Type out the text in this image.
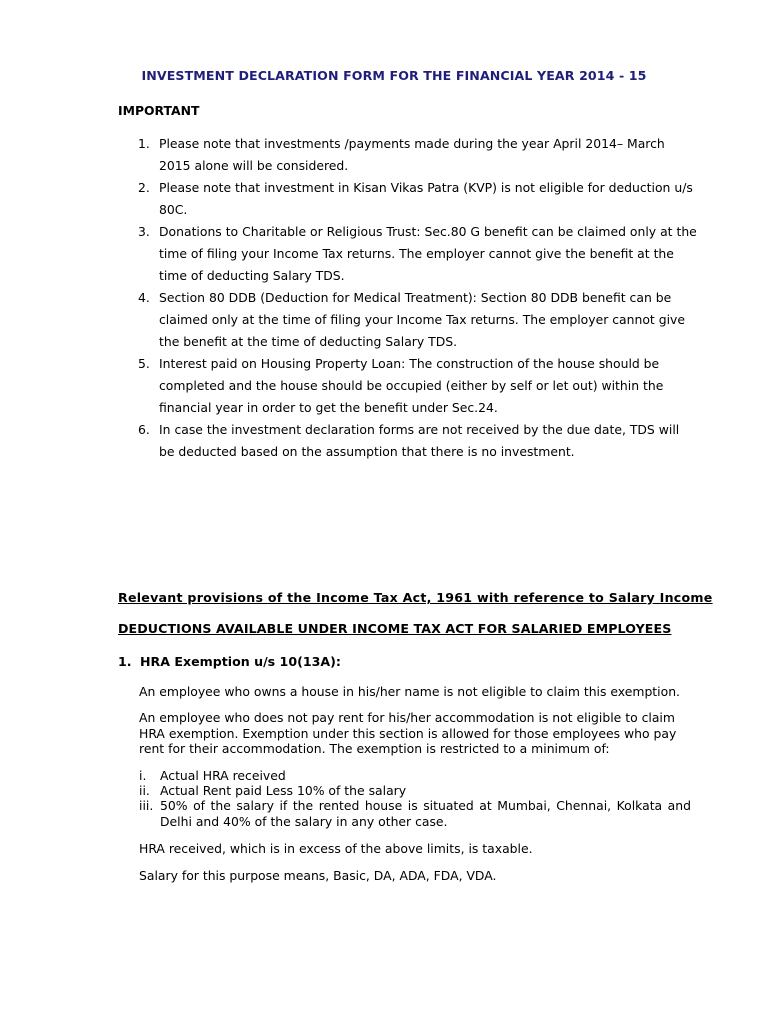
INVESTMENT DECLARATION FORM FOR THE FINANCIAL YEAR 2014 - 15
IMPORTANT
1. Please note that investments /payments made during the year April 2014– March 2015 alone will be considered.
2. Please note that investment in Kisan Vikas Patra (KVP) is not eligible for deduction u/s 80C.
3. Donations to Charitable or Religious Trust: Sec.80 G benefit can be claimed only at the time of filing your Income Tax returns. The employer cannot give the benefit at the time of deducting Salary TDS.
4. Section 80 DDB (Deduction for Medical Treatment): Section 80 DDB benefit can be claimed only at the time of filing your Income Tax returns. The employer cannot give the benefit at the time of deducting Salary TDS.
5. Interest paid on Housing Property Loan: The construction of the house should be completed and the house should be occupied (either by self or let out) within the financial year in order to get the benefit under Sec.24.
6. In case the investment declaration forms are not received by the due date, TDS will be deducted based on the assumption that there is no investment.
Relevant provisions of the Income Tax Act, 1961 with reference to Salary Income
DEDUCTIONS AVAILABLE UNDER INCOME TAX ACT FOR SALARIED EMPLOYEES
1. HRA Exemption u/s 10(13A):

An employee who owns a house in his/her name is not eligible to claim this exemption.

An employee who does not pay rent for his/her accommodation is not eligible to claim HRA exemption. Exemption under this section is allowed for those employees who pay rent for their accommodation. The exemption is restricted to a minimum of:

i. Actual HRA received
ii. Actual Rent paid Less 10% of the salary
iii. 50% of the salary if the rented house is situated at Mumbai, Chennai, Kolkata and Delhi and 40% of the salary in any other case.

HRA received, which is in excess of the above limits, is taxable.

Salary for this purpose means, Basic, DA, ADA, FDA, VDA.
